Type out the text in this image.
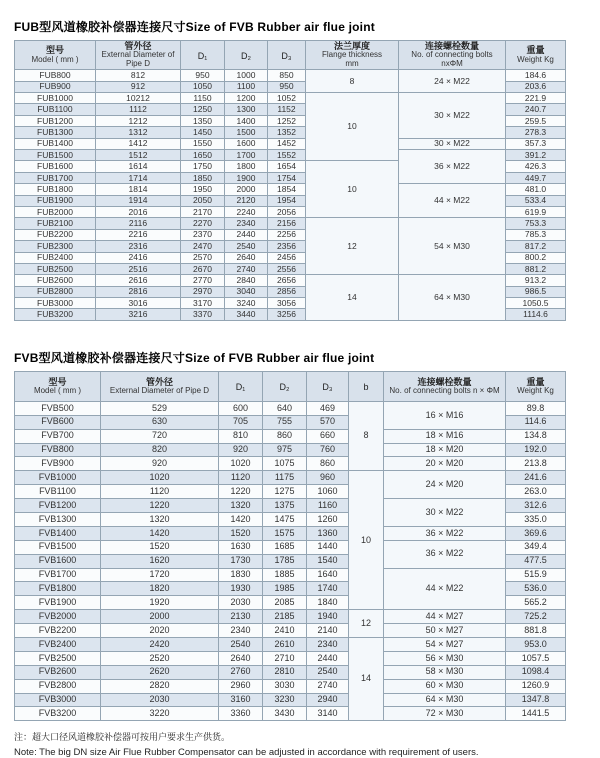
FUB型风道橡胶补偿器连接尺寸Size of FVB Rubber air flue joint
型号
Model ( mm )	管外径
External Diameter of Pipe D	D₁	D₂	D₃	法兰厚度
Flange thickness
mm	连接螺栓数量
No. of connecting bolts
nxΦM	重量
Weight Kg

FUB800	812	950	1000	850	8	24 × M22	184.6
FUB900	912	1050	1100	950			203.6
FUB1000	10212	1150	1200	1052	10	30 × M22	221.9
FUB1100	1112	1250	1300	1152			240.7
FUB1200	1212	1350	1400	1252			259.5
FUB1300	1312	1450	1500	1352			278.3
FUB1400	1412	1550	1600	1452		30 × M22	357.3
FUB1500	1512	1650	1700	1552		36 × M22	391.2
FUB1600	1614	1750	1800	1654	10		426.3
FUB1700	1714	1850	1900	1754			449.7
FUB1800	1814	1950	2000	1854		44 × M22	481.0
FUB1900	1914	2050	2120	1954			533.4
FUB2000	2016	2170	2240	2056			619.9
FUB2100	2116	2270	2340	2156	12	54 × M30	753.3
FUB2200	2216	2370	2440	2256			785.3
FUB2300	2316	2470	2540	2356			817.2
FUB2400	2416	2570	2640	2456			800.2
FUB2500	2516	2670	2740	2556			881.2
FUB2600	2616	2770	2840	2656	14	64 × M30	913.2
FUB2800	2816	2970	3040	2856			986.5
FUB3000	3016	3170	3240	3056			1050.5
FUB3200	3216	3370	3440	3256			1114.6
FVB型风道橡胶补偿器连接尺寸Size of FVB Rubber air flue joint
型号
Model ( mm )	管外径
External Diameter of Pipe D	D₁	D₂	D₃	b	连接螺栓数量
No. of connecting bolts n × ΦM	重量
Weight Kg

FVB500	529	600	640	469	8	16 × M16	89.8
FVB600	630	705	755	570			114.6
FVB700	720	810	860	660		18 × M16	134.8
FVB800	820	920	975	760		18 × M20	192.0
FVB900	920	1020	1075	860		20 × M20	213.8
FVB1000	1020	1120	1175	960	10	24 × M20	241.6
FVB1100	1120	1220	1275	1060			263.0
FVB1200	1220	1320	1375	1160		30 × M22	312.6
FVB1300	1320	1420	1475	1260			335.0
FVB1400	1420	1520	1575	1360		36 × M22	369.6
FVB1500	1520	1630	1685	1440		36 × M22	349.4
FVB1600	1620	1730	1785	1540			477.5
FVB1700	1720	1830	1885	1640		44 × M22	515.9
FVB1800	1820	1930	1985	1740			536.0
FVB1900	1920	2030	2085	1840			565.2
FVB2000	2000	2130	2185	1940	12	44 × M27	725.2
FVB2200	2020	2340	2410	2140		50 × M27	881.8
FVB2400	2420	2540	2610	2340	14	54 × M27	953.0
FVB2500	2520	2640	2710	2440		56 × M30	1057.5
FVB2600	2620	2760	2810	2540		58 × M30	1098.4
FVB2800	2820	2960	3030	2740		60 × M30	1260.9
FVB3000	2030	3160	3230	2940		64 × M30	1347.8
FVB3200	3220	3360	3430	3140		72 × M30	1441.5

注：超大口径风道橡胶补偿器可按用户要求生产供货。

Note: The big DN size Air Flue Rubber Compensator can be adjusted in accordance with requirement of users.
